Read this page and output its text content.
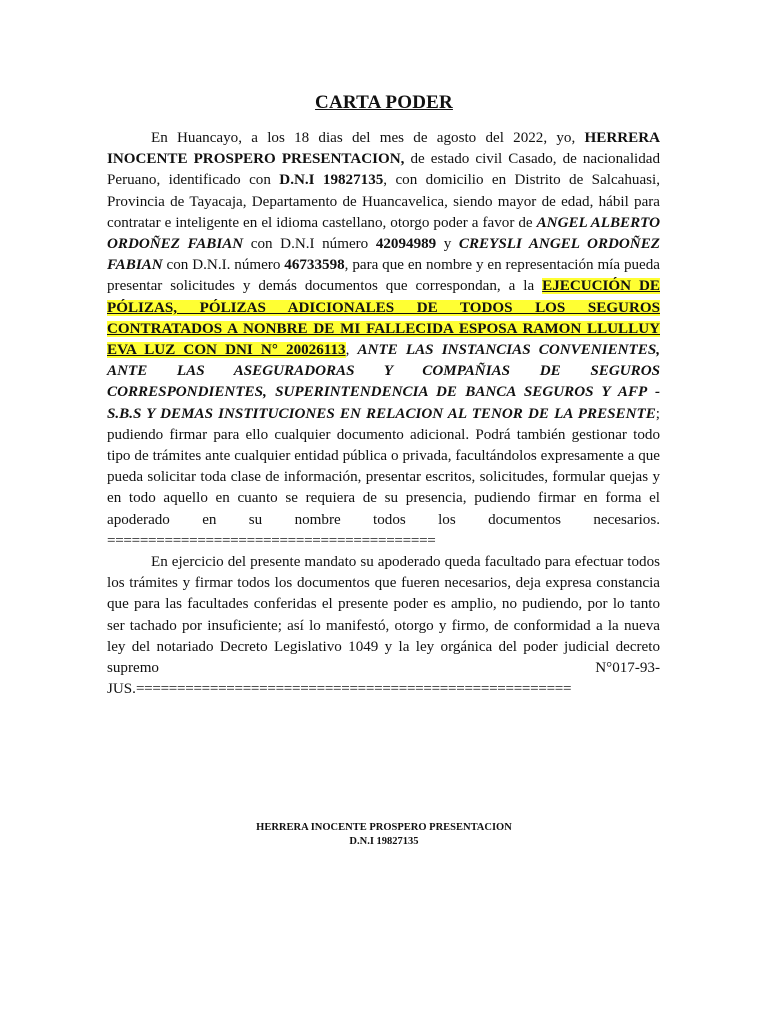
CARTA PODER

En Huancayo, a los 18 dias del mes de agosto del 2022, yo, HERRERA INOCENTE PROSPERO PRESENTACION, de estado civil Casado, de nacionalidad Peruano, identificado con D.N.I 19827135, con domicilio en Distrito de Salcahuasi, Provincia de Tayacaja, Departamento de Huancavelica, siendo mayor de edad, hábil para contratar e inteligente en el idioma castellano, otorgo poder a favor de ANGEL ALBERTO ORDOÑEZ FABIAN con D.N.I número 42094989 y CREYSLI ANGEL ORDOÑEZ FABIAN con D.N.I. número 46733598, para que en nombre y en representación mía pueda presentar solicitudes y demás documentos que correspondan, a la EJECUCIÓN DE PÓLIZAS, PÓLIZAS ADICIONALES DE TODOS LOS SEGUROS CONTRATADOS A NONBRE DE MI FALLECIDA ESPOSA RAMON LLULLUY EVA LUZ CON DNI N° 20026113, ANTE LAS INSTANCIAS CONVENIENTES, ANTE LAS ASEGURADORAS Y COMPAÑIAS DE SEGUROS CORRESPONDIENTES, SUPERINTENDENCIA DE BANCA SEGUROS Y AFP - S.B.S Y DEMAS INSTITUCIONES EN RELACION AL TENOR DE LA PRESENTE; pudiendo firmar para ello cualquier documento adicional. Podrá también gestionar todo tipo de trámites ante cualquier entidad pública o privada, facultándolos expresamente a que pueda solicitar toda clase de información, presentar escritos, solicitudes, formular quejas y en todo aquello en cuanto se requiera de su presencia, pudiendo firmar en forma el apoderado en su nombre todos los documentos necesarios. ========================================

En ejercicio del presente mandato su apoderado queda facultado para efectuar todos los trámites y firmar todos los documentos que fueren necesarios, deja expresa constancia que para las facultades conferidas el presente poder es amplio, no pudiendo, por lo tanto ser tachado por insuficiente; así lo manifestó, otorgo y firmo, de conformidad a la nueva ley del notariado Decreto Legislativo 1049 y la ley orgánica del poder judicial decreto supremo N°017-93-JUS.=====================================================

HERRERA INOCENTE PROSPERO PRESENTACION
D.N.I 19827135
